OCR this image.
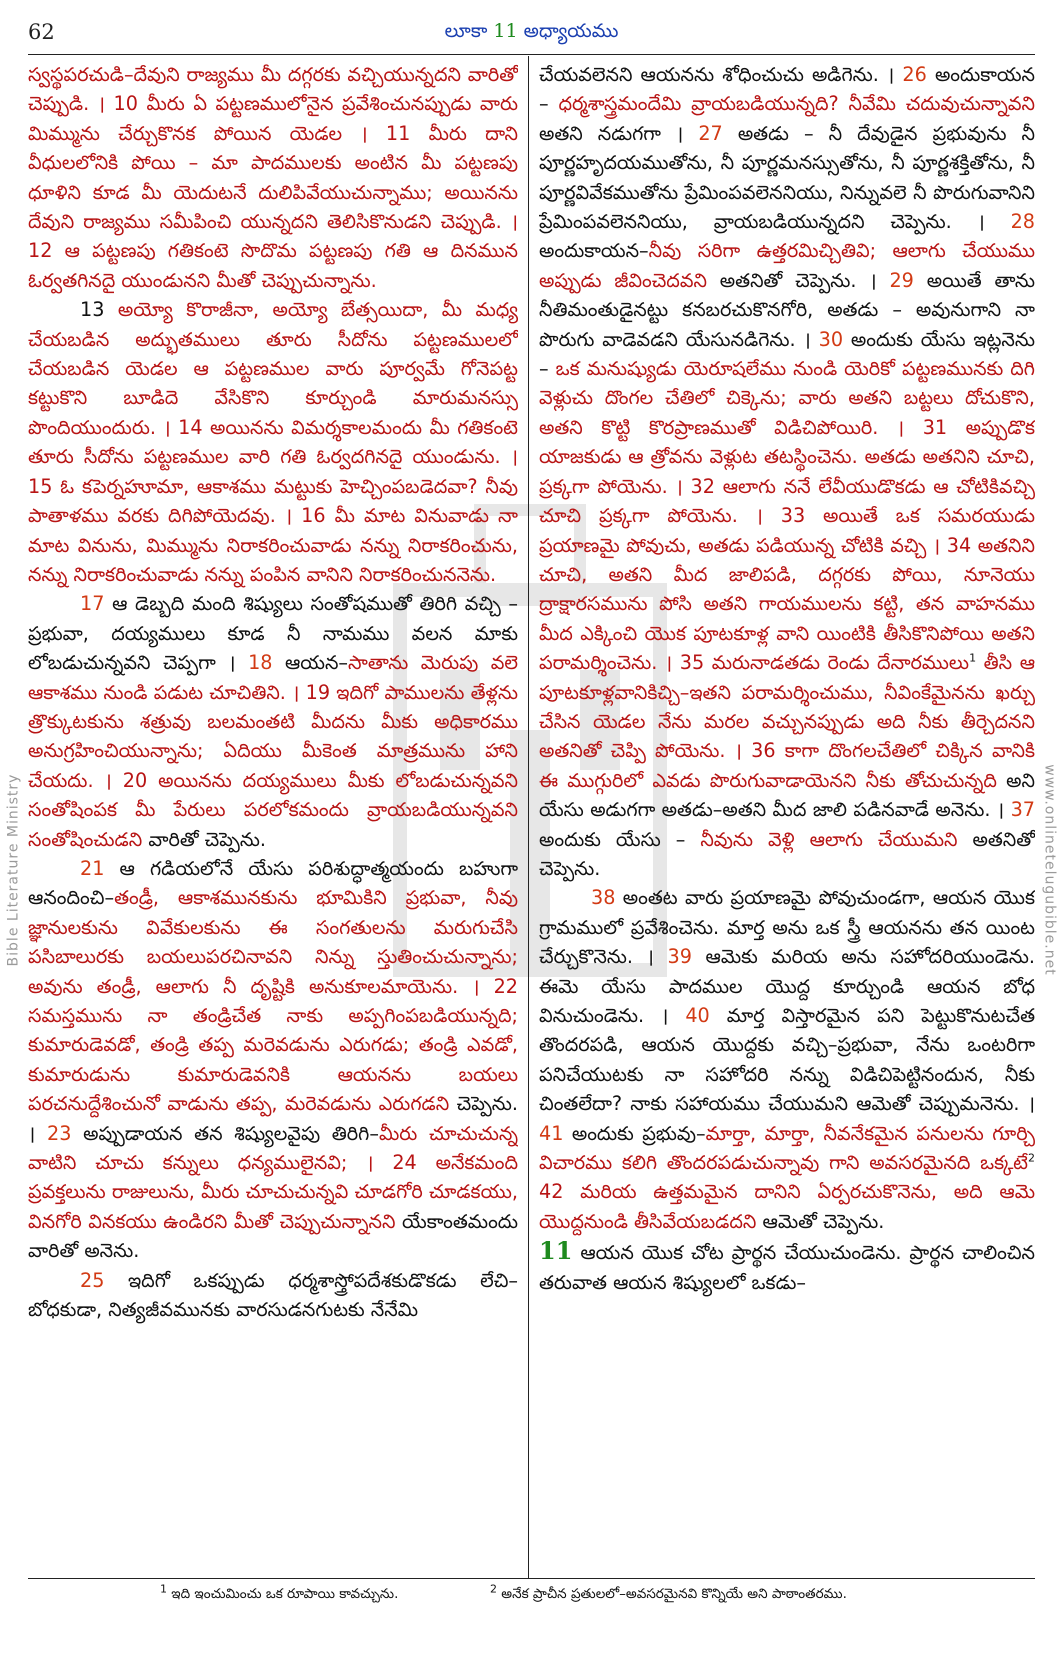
62	లూకా 11 అధ్యాయము
Bible Literature Ministry	www.onlinetelugubible.net

స్వస్థపరచుడి–దేవుని రాజ్యము మీ దగ్గరకు వచ్చియున్నదని వారితో చెప్పుడి. । 10 మీరు ఏ పట్టణములోనైన ప్రవేశించునప్పుడు వారు మిమ్మును చేర్చుకొనక పోయిన యెడల । 11 మీరు దాని వీధులలోనికి పోయి – మా పాదములకు అంటిన మీ పట్టణపు ధూళిని కూడ మీ యెదుటనే దులిపివేయుచున్నాము; అయినను దేవుని రాజ్యము సమీపించి యున్నదని తెలిసికొనుడని చెప్పుడి. । 12 ఆ పట్టణపు గతికంటె సొదొమ పట్టణపు గతి ఆ దినమున ఓర్వతగినదై యుండునని మీతో చెప్పుచున్నాను.

13 అయ్యో కొరాజీనా, అయ్యో బేత్సయిదా, మీ మధ్య చేయబడిన అద్భుతములు తూరు సీదోను పట్టణములలో చేయబడిన యెడల ఆ పట్టణముల వారు పూర్వమే గోనెపట్ట కట్టుకొని బూడిదె వేసికొని కూర్చుండి మారుమనస్సు పొందియుందురు. । 14 అయినను విమర్శకాలమందు మీ గతికంటె తూరు సీదోను పట్టణముల వారి గతి ఓర్వదగినదై యుండును. । 15 ఓ కపెర్నహూమా, ఆకాశము మట్టుకు హెచ్చింపబడెదవా? నీవు పాతాళము వరకు దిగిపోయెదవు. । 16 మీ మాట వినువాడు నా మాట వినును, మిమ్మును నిరాకరించువాడు నన్ను నిరాకరించును, నన్ను నిరాకరించువాడు నన్ను పంపిన వానిని నిరాకరించుననెను.

17 ఆ డెబ్బది మంది శిష్యులు సంతోషముతో తిరిగి వచ్చి –ప్రభువా, దయ్యములు కూడ నీ నామము వలన మాకు లోబడుచున్నవని చెప్పగా । 18 ఆయన–సాతాను మెరుపు వలె ఆకాశము నుండి పడుట చూచితిని. । 19 ఇదిగో పాములను తేళ్లను త్రొక్కుటకును శత్రువు బలమంతటి మీదను మీకు అధికారము అనుగ్రహించియున్నాను; ఏదియు మీకెంత మాత్రమును హాని చేయదు. । 20 అయినను దయ్యములు మీకు లోబడుచున్నవని సంతోషింపక మీ పేరులు పరలోకమందు వ్రాయబడియున్నవని సంతోషించుడని వారితో చెప్పెను.

21 ఆ గడియలోనే యేసు పరిశుద్ధాత్మయందు బహుగా ఆనందించి–తండ్రీ, ఆకాశమునకును భూమికిని ప్రభువా, నీవు జ్ఞానులకును వివేకులకును ఈ సంగతులను మరుగుచేసి పసిబాలురకు బయలుపరచినావని నిన్ను స్తుతించుచున్నాను; అవును తండ్రీ, ఆలాగు నీ దృష్టికి అనుకూలమాయెను. । 22 సమస్తమును నా తండ్రిచేత నాకు అప్పగింపబడియున్నది; కుమారుడెవడో, తండ్రి తప్ప మరెవడును ఎరుగడు; తండ్రి ఎవడో, కుమారుడును కుమారుడెవనికి ఆయనను బయలు పరచనుద్దేశించునో వాడును తప్ప, మరెవడును ఎరుగడని చెప్పెను. । 23 అప్పుడాయన తన శిష్యులవైపు తిరిగి–మీరు చూచుచున్న వాటిని చూచు కన్నులు ధన్యములైనవి; । 24 అనేకమంది ప్రవక్తలును రాజులును, మీరు చూచుచున్నవి చూడగోరి చూడకయు, వినగోరి వినకయు ఉండిరని మీతో చెప్పుచున్నానని యేకాంతమందు వారితో అనెను.

25 ఇదిగో ఒకప్పుడు ధర్మశాస్త్రోపదేశకుడొకడు లేచి–బోధకుడా, నిత్యజీవమునకు వారసుడనగుటకు నేనేమి

చేయవలెనని ఆయనను శోధించుచు అడిగెను. । 26 అందుకాయన – ధర్మశాస్త్రమందేమి వ్రాయబడియున్నది? నీవేమి చదువుచున్నావని అతని నడుగగా । 27 అతడు – నీ దేవుడైన ప్రభువును నీ పూర్ణహృదయముతోను, నీ పూర్ణమనస్సుతోను, నీ పూర్ణశక్తితోను, నీ పూర్ణవివేకముతోను ప్రేమింపవలెననియు, నిన్నువలె నీ పొరుగువానిని ప్రేమింపవలెననియు, వ్రాయబడియున్నదని చెప్పెను. । 28 అందుకాయన–నీవు సరిగా ఉత్తరమిచ్చితివి; ఆలాగు చేయుము అప్పుడు జీవించెదవని అతనితో చెప్పెను. । 29 అయితే తాను నీతిమంతుడైనట్టు కనబరచుకొనగోరి, అతడు – అవునుగాని నా పొరుగు వాడెవడని యేసునడిగెను. । 30 అందుకు యేసు ఇట్లనెను – ఒక మనుష్యుడు యెరూషలేము నుండి యెరికో పట్టణమునకు దిగి వెళ్లుచు దొంగల చేతిలో చిక్కెను; వారు అతని బట్టలు దోచుకొని, అతని కొట్టి కొరప్రాణముతో విడిచిపోయిరి. । 31 అప్పుడొక యాజకుడు ఆ త్రోవను వెళ్లుట తటస్థించెను. అతడు అతనిని చూచి, ప్రక్కగా పోయెను. । 32 ఆలాగు ననే లేవీయుడొకడు ఆ చోటికివచ్చి చూచి ప్రక్కగా పోయెను. । 33 అయితే ఒక సమరయుడు ప్రయాణమై పోవుచు, అతడు పడియున్న చోటికి వచ్చి । 34 అతనిని చూచి, అతని మీద జాలిపడి, దగ్గరకు పోయి, నూనెయు ద్రాక్షారసమును పోసి అతని గాయములను కట్టి, తన వాహనము మీద ఎక్కించి యొక పూటకూళ్ల వాని యింటికి తీసికొనిపోయి అతని పరామర్శించెను. । 35 మరునాడతడు రెండు దేనారములు$^1$ తీసి ఆ పూటకూళ్లవానికిచ్చి–ఇతని పరామర్శించుము, నీవింకేమైనను ఖర్చు చేసిన యెడల నేను మరల వచ్చునప్పుడు అది నీకు తీర్చెదనని అతనితో చెప్పి పోయెను. । 36 కాగా దొంగలచేతిలో చిక్కిన వానికి ఈ ముగ్గురిలో ఎవడు పొరుగువాడాయెనని నీకు తోచుచున్నది అని యేసు అడుగగా అతడు–అతని మీద జాలి పడినవాడే అనెను. । 37 అందుకు యేసు – నీవును వెళ్లి ఆలాగు చేయుమని అతనితో చెప్పెను.

38 అంతట వారు ప్రయాణమై పోవుచుండగా, ఆయన యొక గ్రామములో ప్రవేశించెను. మార్త అను ఒక స్త్రీ ఆయనను తన యింట చేర్చుకొనెను. । 39 ఆమెకు మరియ అను సహోదరియుండెను. ఈమె యేసు పాదముల యొద్ద కూర్చుండి ఆయన బోధ వినుచుండెను. । 40 మార్త విస్తారమైన పని పెట్టుకొనుటచేత తొందరపడి, ఆయన యొద్దకు వచ్చి–ప్రభువా, నేను ఒంటరిగా పనిచేయుటకు నా సహోదరి నన్ను విడిచిపెట్టినందున, నీకు చింతలేదా? నాకు సహాయము చేయుమని ఆమెతో చెప్పుమనెను. । 41 అందుకు ప్రభువు–మార్తా, మార్తా, నీవనేకమైన పనులను గూర్చి విచారము కలిగి తొందరపడుచున్నావు గాని అవసరమైనది ఒక్కటే$^2$ 42 మరియ ఉత్తమమైన దానిని ఏర్పరచుకొనెను, అది ఆమె యొద్దనుండి తీసివేయబడదని ఆమెతో చెప్పెను.

11 ఆయన యొక చోట ప్రార్థన చేయుచుండెను. ప్రార్థన చాలించిన తరువాత ఆయన శిష్యులలో ఒకడు–

$^1$ ఇది ఇంచుమించు ఒక రూపాయి కావచ్చును.	$^2$ అనేక ప్రాచీన ప్రతులలో–అవసరమైనవి కొన్నియే అని పాఠాంతరము.
